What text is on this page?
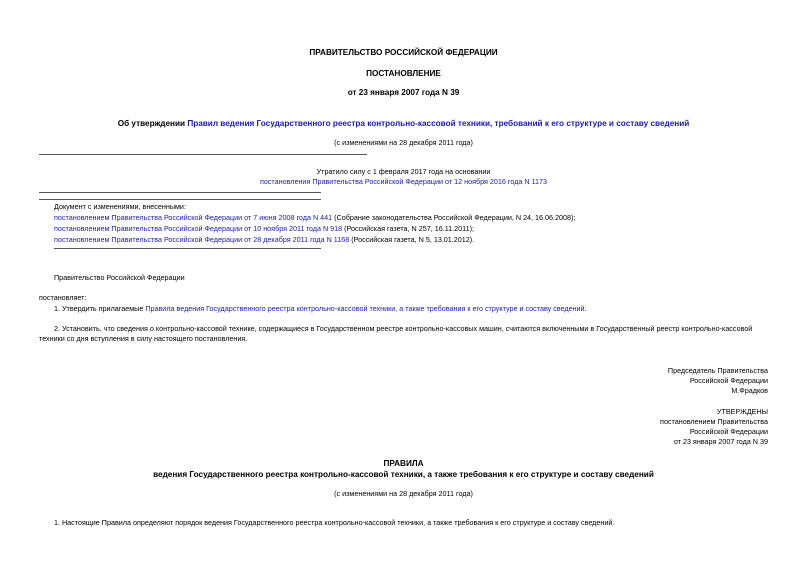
ПРАВИТЕЛЬСТВО РОССИЙСКОЙ ФЕДЕРАЦИИ
ПОСТАНОВЛЕНИЕ
от 23 января 2007 года N 39
Об утверждении Правил ведения Государственного реестра контрольно-кассовой техники, требований к его структуре и составу сведений
(с изменениями на 28 декабря 2011 года)
Утратило силу с 1 февраля 2017 года на основании
постановления Правительства Российской Федерации от 12 ноября 2016 года N 1173
Документ с изменениями, внесенными:
постановлением Правительства Российской Федерации от 7 июня 2008 года N 441 (Собрание законодательства Российской Федерации, N 24, 16.06.2008);
постановлением Правительства Российской Федерации от 10 ноября 2011 года N 918 (Российская газета, N 257, 16.11.2011);
постановлением Правительства Российской Федерации от 28 декабря 2011 года N 1168 (Российская газета, N 5, 13.01.2012).
Правительство Российской Федерации
постановляет:
1. Утвердить прилагаемые Правила ведения Государственного реестра контрольно-кассовой техники, а также требования к его структуре и составу сведений.
2. Установить, что сведения о контрольно-кассовой технике, содержащиеся в Государственном реестре контрольно-кассовых машин, считаются включенными в Государственный реестр контрольно-кассовой
техники со дня вступления в силу настоящего постановления.
Председатель Правительства
Российской Федерации
М.Фрадков
УТВЕРЖДЕНЫ
постановлением Правительства
Российской Федерации
от 23 января 2007 года N 39
ПРАВИЛА
ведения Государственного реестра контрольно-кассовой техники, а также требования к его структуре и составу сведений
(с изменениями на 28 декабря 2011 года)
1. Настоящие Правила определяют порядок ведения Государственного реестра контрольно-кассовой техники, а также требования к его структуре и составу сведений.
